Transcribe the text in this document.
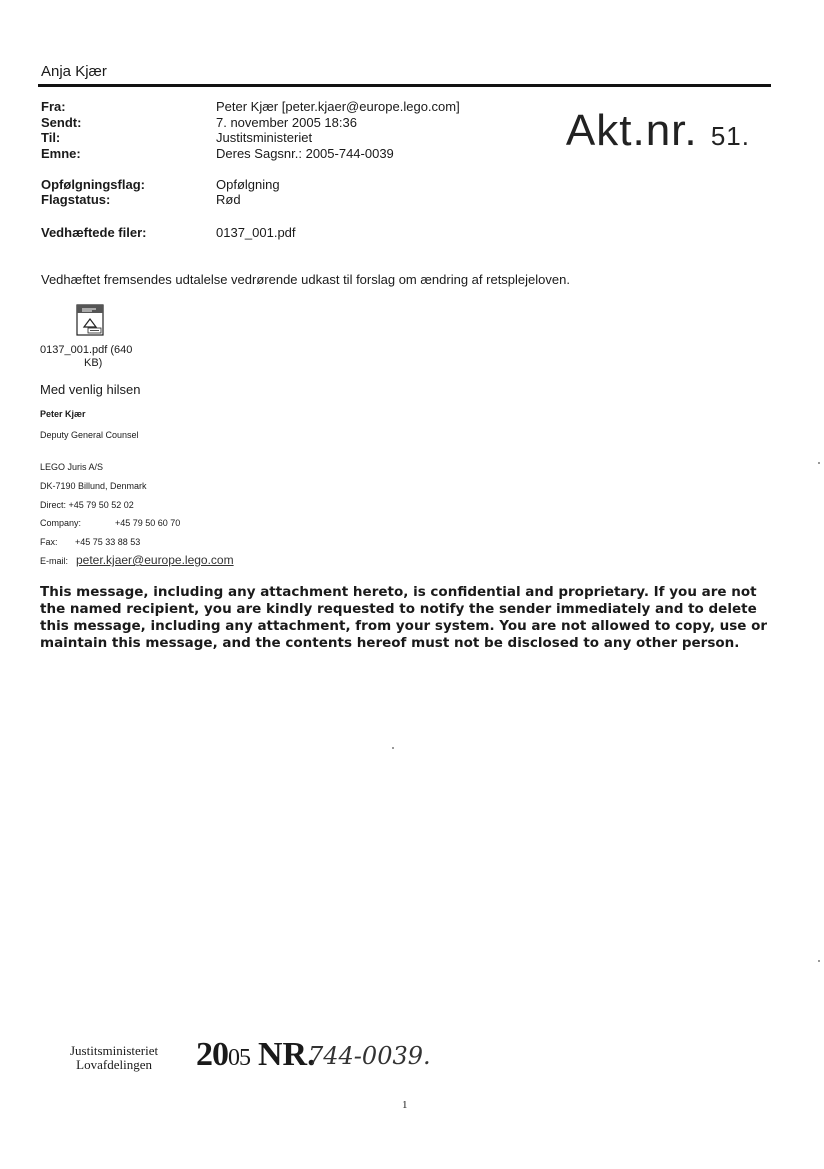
Anja Kjær
Fra:
Sendt:
Til:
Emne:
Opfølgningsflag:
Flagstatus:
Vedhæftede filer:
Peter Kjær [peter.kjaer@europe.lego.com]
7. november 2005 18:36
Justitsministeriet
Deres Sagsnr.: 2005-744-0039
Opfølgning
Rød
0137_001.pdf
Akt.nr. 51.
Vedhæftet fremsendes udtalelse vedrørende udkast til forslag om ændring af retsplejeloven.
0137_001.pdf (640
KB)
Med venlig hilsen
Peter Kjær
Deputy General Counsel
LEGO Juris A/S
DK-7190 Billund, Denmark
Direct: +45 79 50 52 02
Company:	+45 79 50 60 70
Fax: +45 75 33 88 53
E-mail: peter.kjaer@europe.lego.com
This message, including any attachment hereto, is confidential and proprietary. If you are not the named recipient, you are kindly requested to notify the sender immediately and to delete this message, including any attachment, from your system. You are not allowed to copy, use or maintain this message, and the contents hereof must not be disclosed to any other person.
Justitsministeriet
Lovafdelingen 2005 NR.
744-0039.
1
